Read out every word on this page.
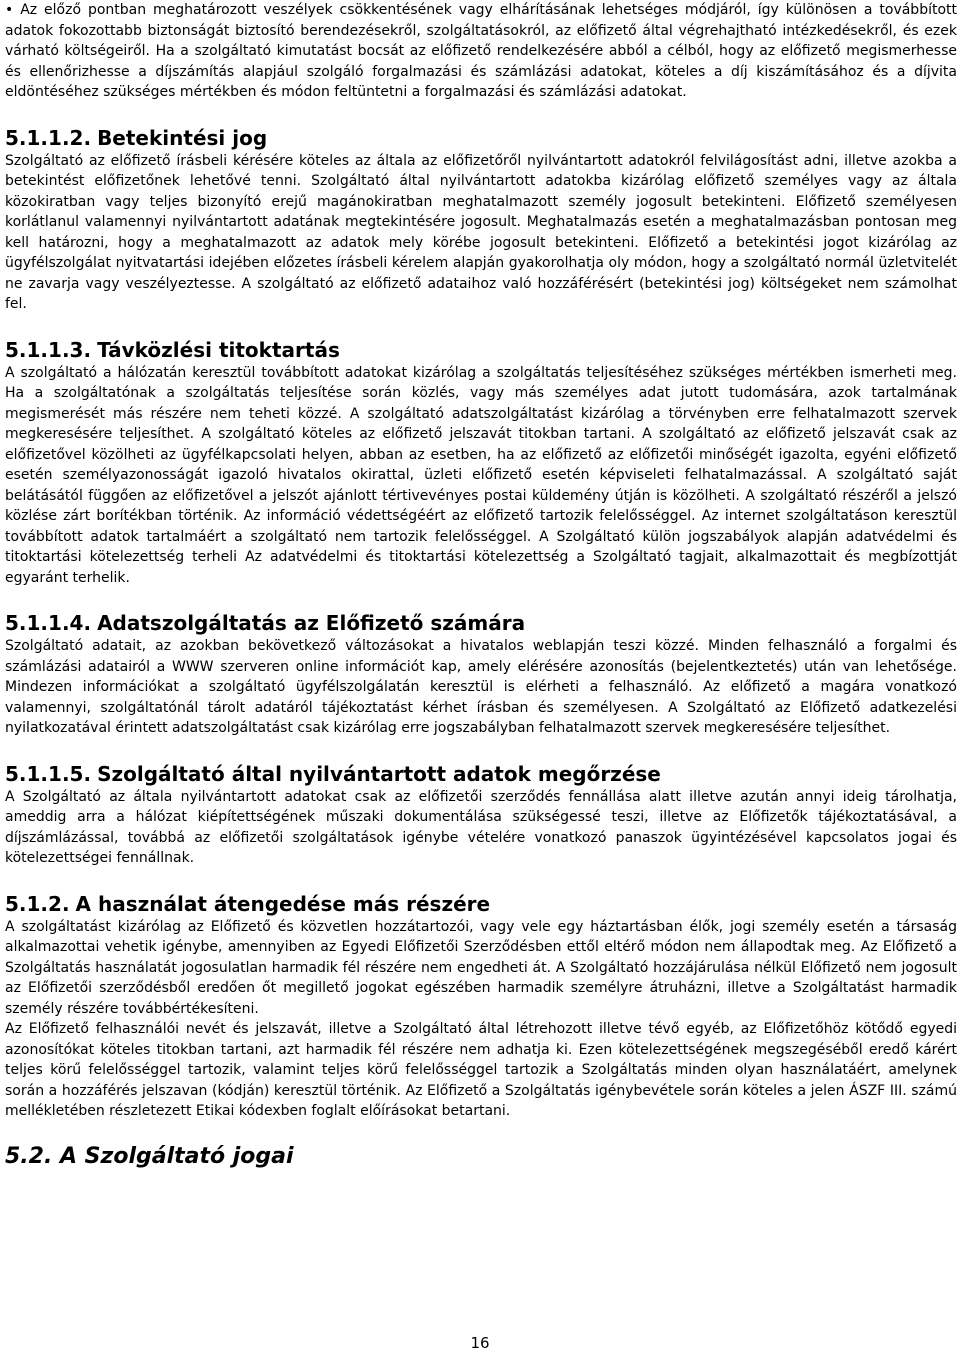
• Az előző pontban meghatározott veszélyek csökkentésének vagy elhárításának lehetséges módjáról, így különösen a továbbított adatok fokozottabb biztonságát biztosító berendezésekről, szolgáltatásokról, az előfizető által végrehajtható intézkedésekről, és ezek várható költségeiről. Ha a szolgáltató kimutatást bocsát az előfizető rendelkezésére abból a célból, hogy az előfizető megismerhesse és ellenőrizhesse a díjszámítás alapjául szolgáló forgalmazási és számlázási adatokat, köteles a díj kiszámításához és a díjvita eldöntéséhez szükséges mértékben és módon feltüntetni a forgalmazási és számlázási adatokat.

5.1.1.2. Betekintési jog

Szolgáltató az előfizető írásbeli kérésére köteles az általa az előfizetőről nyilvántartott adatokról felvilágosítást adni, illetve azokba a betekintést előfizetőnek lehetővé tenni. Szolgáltató által nyilvántartott adatokba kizárólag előfizető személyes vagy az általa közokiratban vagy teljes bizonyító erejű magánokiratban meghatalmazott személy jogosult betekinteni. Előfizető személyesen korlátlanul valamennyi nyilvántartott adatának megtekintésére jogosult. Meghatalmazás esetén a meghatalmazásban pontosan meg kell határozni, hogy a meghatalmazott az adatok mely körébe jogosult betekinteni. Előfizető a betekintési jogot kizárólag az ügyfélszolgálat nyitvatartási idejében előzetes írásbeli kérelem alapján gyakorolhatja oly módon, hogy a szolgáltató normál üzletvitelét ne zavarja vagy veszélyeztesse. A szolgáltató az előfizető adataihoz való hozzáférésért (betekintési jog) költségeket nem számolhat fel.

5.1.1.3. Távközlési titoktartás

A szolgáltató a hálózatán keresztül továbbított adatokat kizárólag a szolgáltatás teljesítéséhez szükséges mértékben ismerheti meg. Ha a szolgáltatónak a szolgáltatás teljesítése során közlés, vagy más személyes adat jutott tudomására, azok tartalmának megismerését más részére nem teheti közzé. A szolgáltató adatszolgáltatást kizárólag a törvényben erre felhatalmazott szervek megkeresésére teljesíthet. A szolgáltató köteles az előfizető jelszavát titokban tartani. A szolgáltató az előfizető jelszavát csak az előfizetővel közölheti az ügyfélkapcsolati helyen, abban az esetben, ha az előfizető az előfizetői minőségét igazolta, egyéni előfizető esetén személyazonosságát igazoló hivatalos okirattal, üzleti előfizető esetén képviseleti felhatalmazással. A szolgáltató saját belátásától függően az előfizetővel a jelszót ajánlott tértivevényes postai küldemény útján is közölheti. A szolgáltató részéről a jelszó közlése zárt borítékban történik. Az információ védettségéért az előfizető tartozik felelősséggel. Az internet szolgáltatáson keresztül továbbított adatok tartalmáért a szolgáltató nem tartozik felelősséggel. A Szolgáltató külön jogszabályok alapján adatvédelmi és titoktartási kötelezettség terheli Az adatvédelmi és titoktartási kötelezettség a Szolgáltató tagjait, alkalmazottait és megbízottját egyaránt terhelik.

5.1.1.4. Adatszolgáltatás az Előfizető számára

Szolgáltató adatait, az azokban bekövetkező változásokat a hivatalos weblapján teszi közzé. Minden felhasználó a forgalmi és számlázási adatairól a WWW szerveren online információt kap, amely elérésére azonosítás (bejelentkeztetés) után van lehetősége. Mindezen információkat a szolgáltató ügyfélszolgálatán keresztül is elérheti a felhasználó. Az előfizető a magára vonatkozó valamennyi, szolgáltatónál tárolt adatáról tájékoztatást kérhet írásban és személyesen. A Szolgáltató az Előfizető adatkezelési nyilatkozatával érintett adatszolgáltatást csak kizárólag erre jogszabályban felhatalmazott szervek megkeresésére teljesíthet.

5.1.1.5. Szolgáltató által nyilvántartott adatok megőrzése

A Szolgáltató az általa nyilvántartott adatokat csak az előfizetői szerződés fennállása alatt illetve azután annyi ideig tárolhatja, ameddig arra a hálózat kiépítettségének műszaki dokumentálása szükségessé teszi, illetve az Előfizetők tájékoztatásával, a díjszámlázással, továbbá az előfizetői szolgáltatások igénybe vételére vonatkozó panaszok ügyintézésével kapcsolatos jogai és kötelezettségei fennállnak.

5.1.2. A használat átengedése más részére

A szolgáltatást kizárólag az Előfizető és közvetlen hozzátartozói, vagy vele egy háztartásban élők, jogi személy esetén a társaság alkalmazottai vehetik igénybe, amennyiben az Egyedi Előfizetői Szerződésben ettől eltérő módon nem állapodtak meg. Az Előfizető a Szolgáltatás használatát jogosulatlan harmadik fél részére nem engedheti át. A Szolgáltató hozzájárulása nélkül Előfizető nem jogosult az Előfizetői szerződésből eredően őt megillető jogokat egészében harmadik személyre átruházni, illetve a Szolgáltatást harmadik személy részére továbbértékesíteni.

Az Előfizető felhasználói nevét és jelszavát, illetve a Szolgáltató által létrehozott illetve tévő egyéb, az Előfizetőhöz kötődő egyedi azonosítókat köteles titokban tartani, azt harmadik fél részére nem adhatja ki. Ezen kötelezettségének megszegéséből eredő kárért teljes körű felelősséggel tartozik, valamint teljes körű felelősséggel tartozik a Szolgáltatás minden olyan használatáért, amelynek során a hozzáférés jelszavan (kódján) keresztül történik. Az Előfizető a Szolgáltatás igénybevétele során köteles a jelen ÁSZF III. számú mellékletében részletezett Etikai kódexben foglalt előírásokat betartani.

5.2. A Szolgáltató jogai
16
